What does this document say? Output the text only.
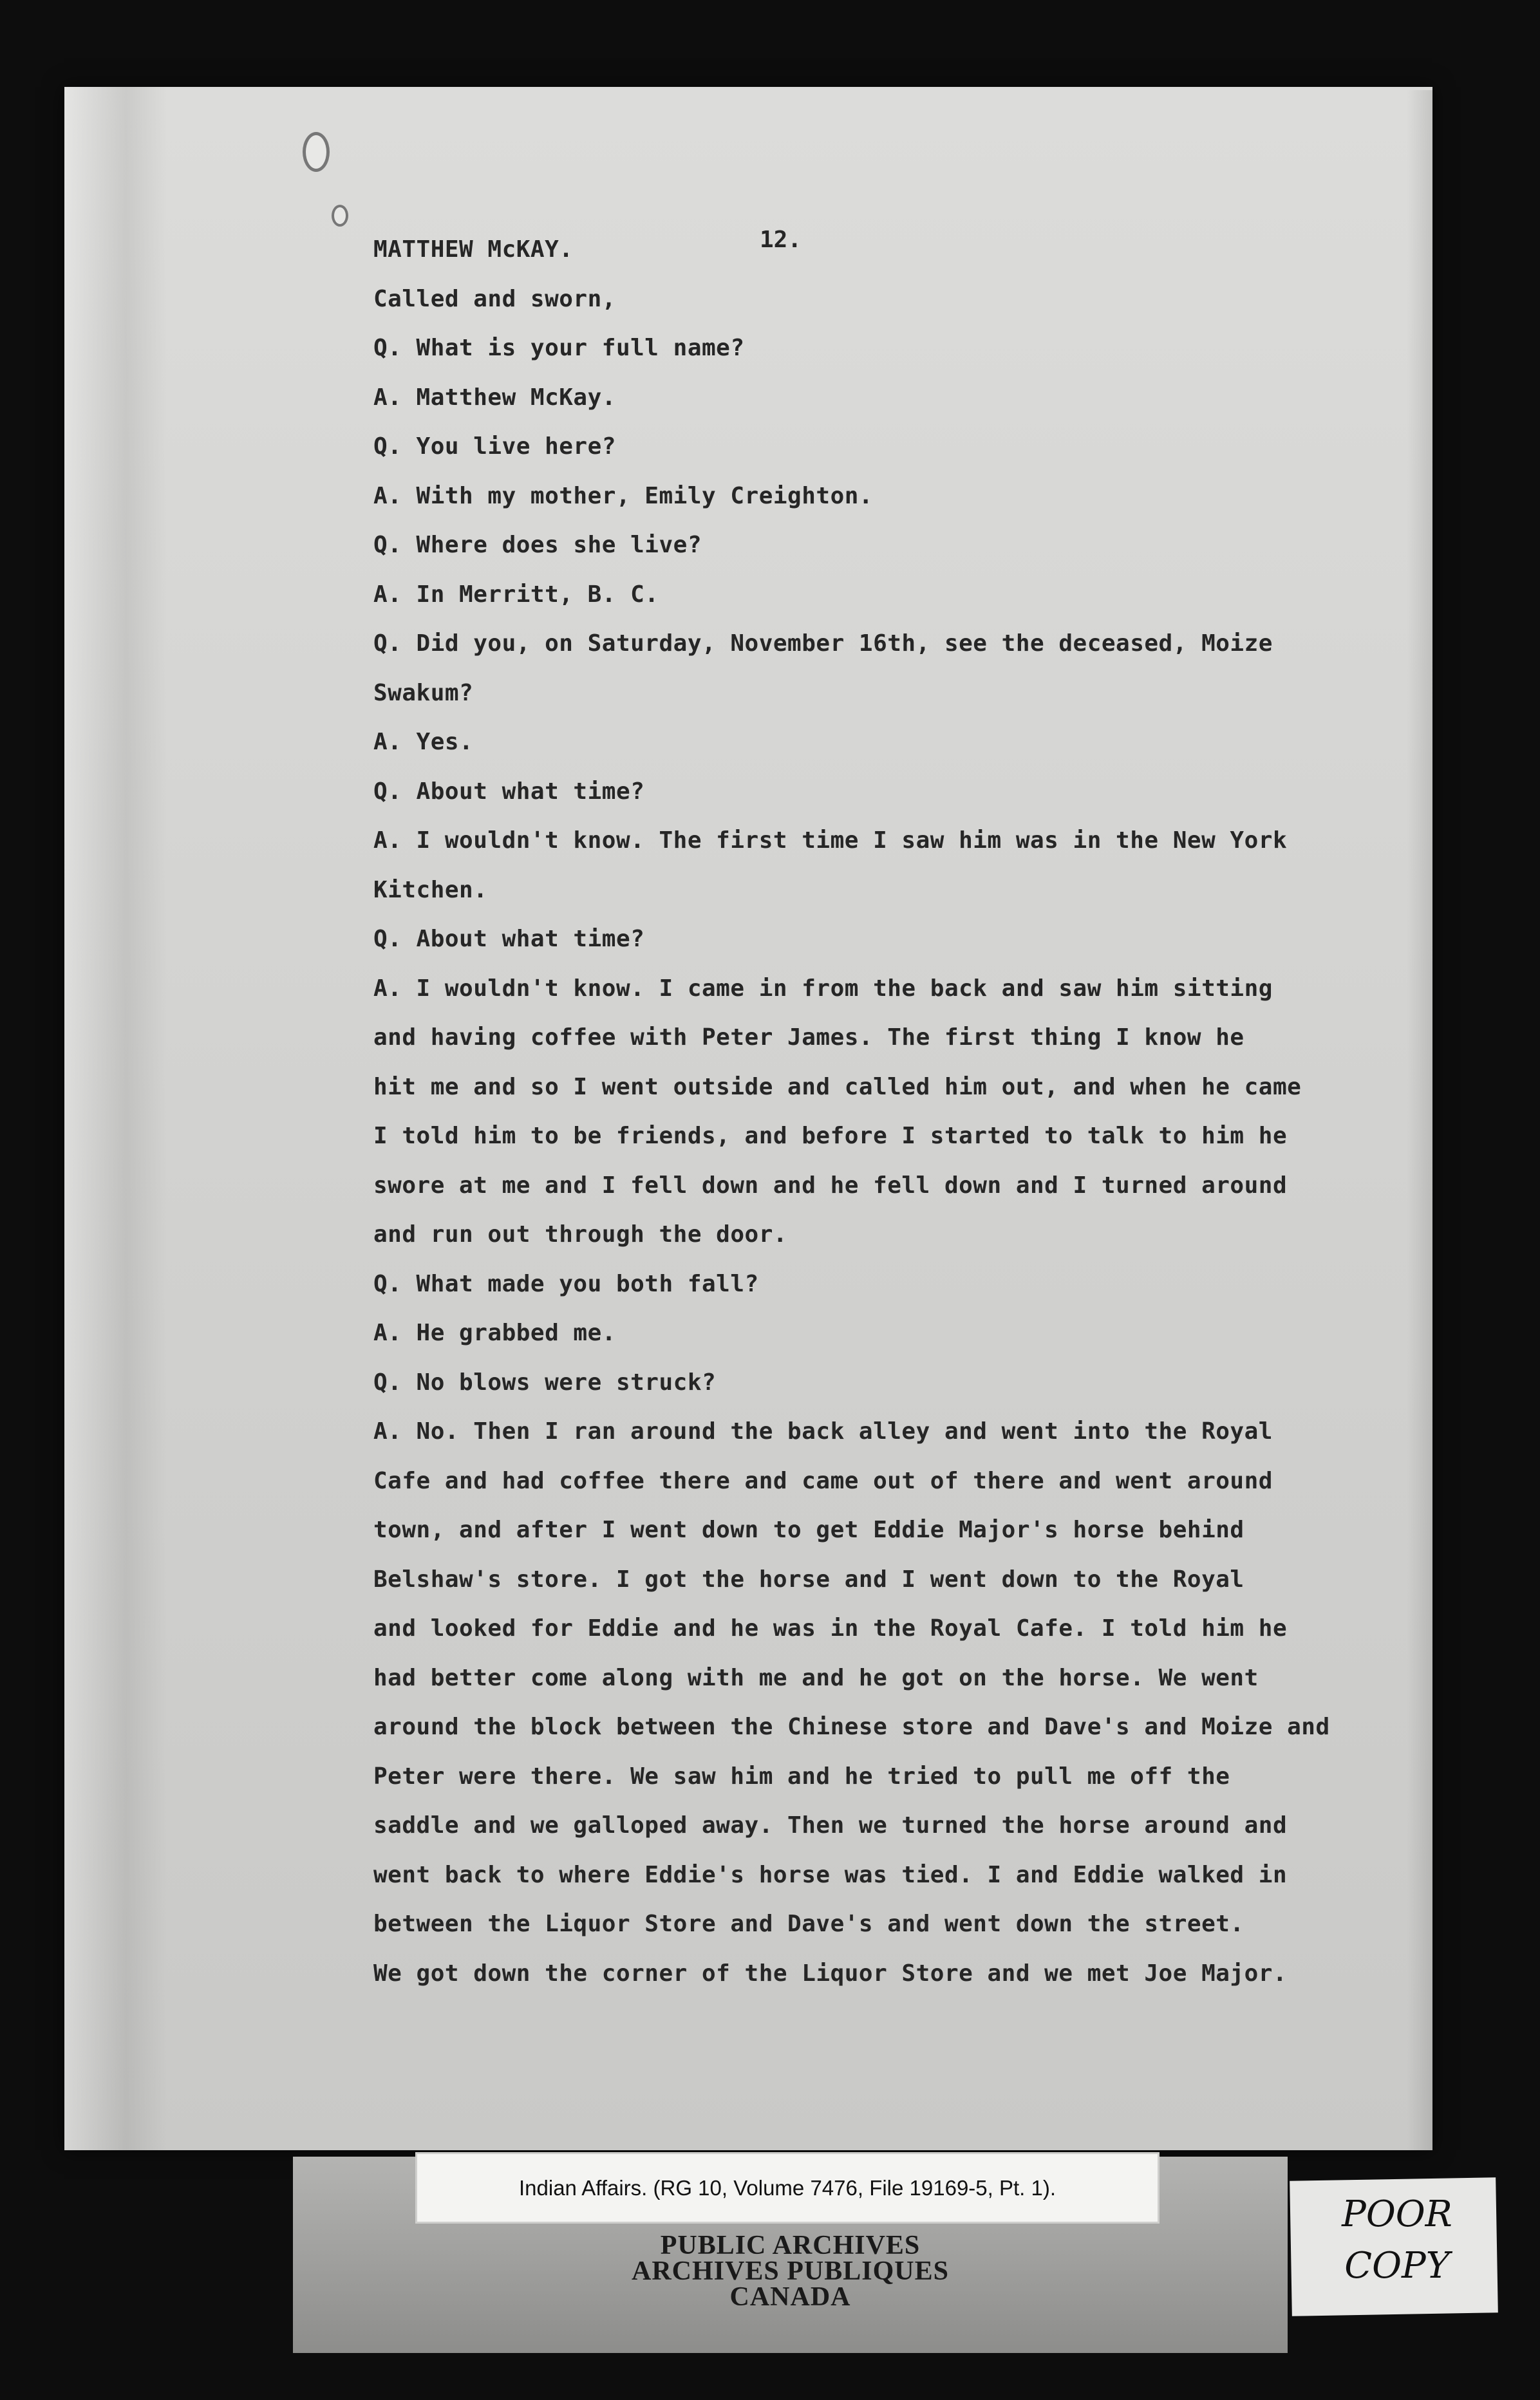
12.
MATTHEW McKAY.
Called and sworn,
Q. What is your full name?
A. Matthew McKay.
Q. You live here?
A. With my mother, Emily Creighton.
Q. Where does she live?
A. In Merritt, B. C.
Q. Did you, on Saturday, November 16th, see the deceased, Moize
Swakum?
A. Yes.
Q. About what time?
A. I wouldn't know. The first time I saw him was in the New York
Kitchen.
Q. About what time?
A. I wouldn't know. I came in from the back and saw him sitting
and having coffee with Peter James. The first thing I know he
hit me and so I went outside and called him out, and when he came
I told him to be friends, and before I started to talk to him he
swore at me and I fell down and he fell down and I turned around
and run out through the door.
Q. What made you both fall?
A. He grabbed me.
Q. No blows were struck?
A. No. Then I ran around the back alley and went into the Royal
Cafe and had coffee there and came out of there and went around
town, and after I went down to get Eddie Major's horse behind
Belshaw's store. I got the horse and I went down to the Royal
and looked for Eddie and he was in the Royal Cafe. I told him he
had better come along with me and he got on the horse. We went
around the block between the Chinese store and Dave's and Moize and
Peter were there. We saw him and he tried to pull me off the
saddle and we galloped away. Then we turned the horse around and
went back to where Eddie's horse was tied. I and Eddie walked in
between the Liquor Store and Dave's and went down the street.
We got down the corner of the Liquor Store and we met Joe Major.
Indian Affairs. (RG 10, Volume 7476, File 19169-5, Pt. 1).
PUBLIC ARCHIVES
ARCHIVES PUBLIQUES
CANADA
POOR
COPY
